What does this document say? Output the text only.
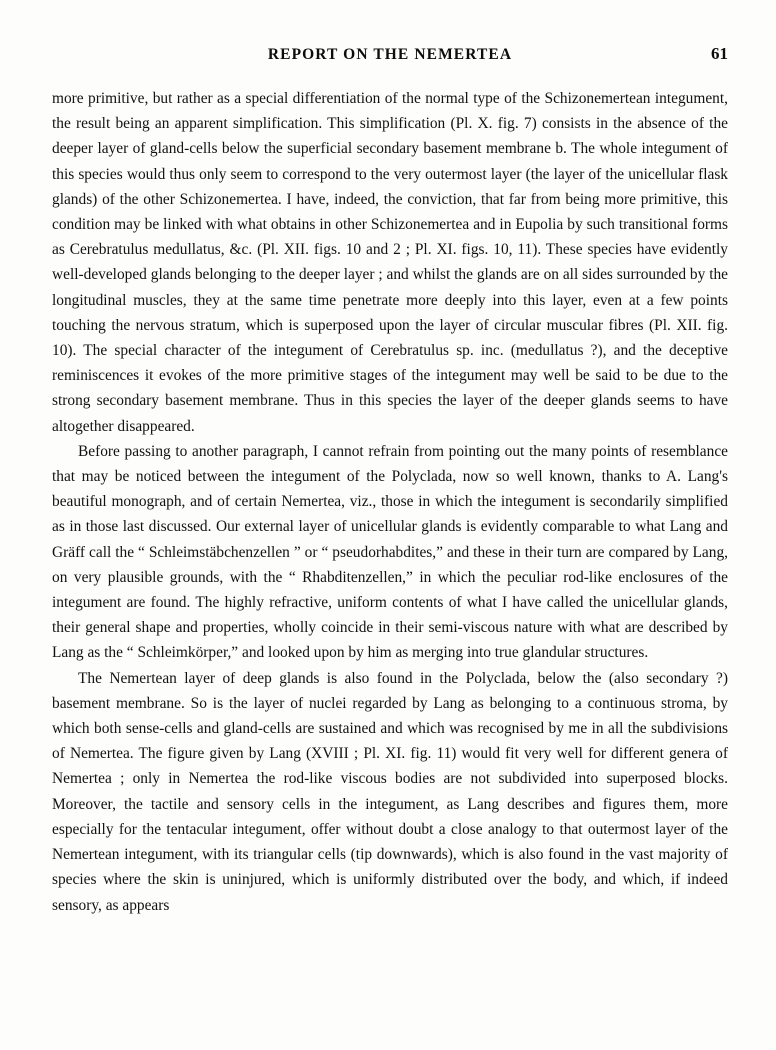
REPORT ON THE NEMERTEA	61

more primitive, but rather as a special differentiation of the normal type of the Schizonemertean integument, the result being an apparent simplification. This simplification (Pl. X. fig. 7) consists in the absence of the deeper layer of gland-cells below the superficial secondary basement membrane b. The whole integument of this species would thus only seem to correspond to the very outermost layer (the layer of the unicellular flask glands) of the other Schizonemertea. I have, indeed, the conviction, that far from being more primitive, this condition may be linked with what obtains in other Schizonemertea and in Eupolia by such transitional forms as Cerebratulus medullatus, &c. (Pl. XII. figs. 10 and 2 ; Pl. XI. figs. 10, 11). These species have evidently well-developed glands belonging to the deeper layer ; and whilst the glands are on all sides surrounded by the longitudinal muscles, they at the same time penetrate more deeply into this layer, even at a few points touching the nervous stratum, which is superposed upon the layer of circular muscular fibres (Pl. XII. fig. 10). The special character of the integument of Cerebratulus sp. inc. (medullatus ?), and the deceptive reminiscences it evokes of the more primitive stages of the integument may well be said to be due to the strong secondary basement membrane. Thus in this species the layer of the deeper glands seems to have altogether disappeared.

Before passing to another paragraph, I cannot refrain from pointing out the many points of resemblance that may be noticed between the integument of the Polyclada, now so well known, thanks to A. Lang's beautiful monograph, and of certain Nemertea, viz., those in which the integument is secondarily simplified as in those last discussed. Our external layer of unicellular glands is evidently comparable to what Lang and Gräff call the “ Schleimstäbchenzellen ” or “ pseudorhabdites,” and these in their turn are compared by Lang, on very plausible grounds, with the “ Rhabditenzellen,” in which the peculiar rod-like enclosures of the integument are found. The highly refractive, uniform contents of what I have called the unicellular glands, their general shape and properties, wholly coincide in their semi-viscous nature with what are described by Lang as the “ Schleimkörper,” and looked upon by him as merging into true glandular structures.

The Nemertean layer of deep glands is also found in the Polyclada, below the (also secondary ?) basement membrane. So is the layer of nuclei regarded by Lang as belonging to a continuous stroma, by which both sense-cells and gland-cells are sustained and which was recognised by me in all the subdivisions of Nemertea. The figure given by Lang (XVIII ; Pl. XI. fig. 11) would fit very well for different genera of Nemertea ; only in Nemertea the rod-like viscous bodies are not subdivided into superposed blocks. Moreover, the tactile and sensory cells in the integument, as Lang describes and figures them, more especially for the tentacular integument, offer without doubt a close analogy to that outermost layer of the Nemertean integument, with its triangular cells (tip downwards), which is also found in the vast majority of species where the skin is uninjured, which is uniformly distributed over the body, and which, if indeed sensory, as appears
